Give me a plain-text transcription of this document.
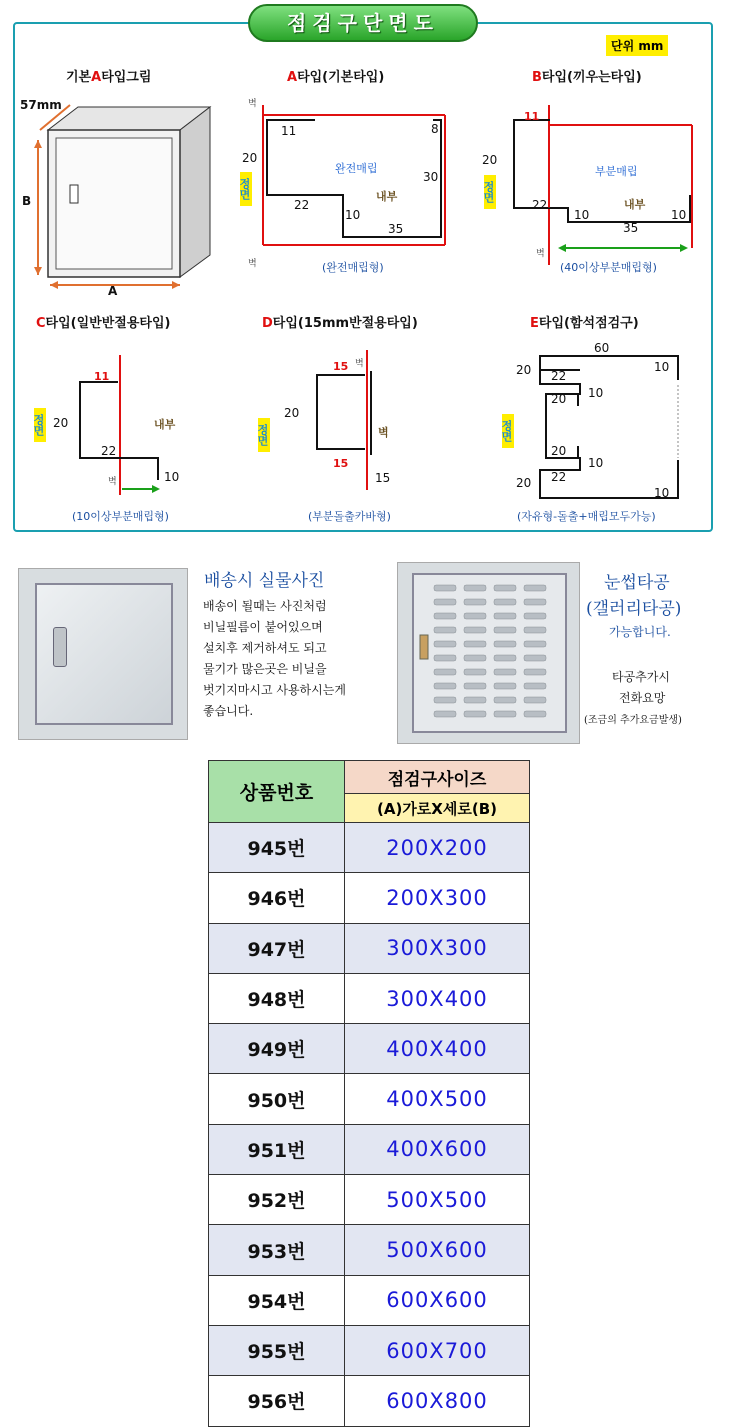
점검구단면도
단위 mm
기본A타입그림
57mm
B
A
A타입(기본타입)
벽
벽
정면
11	8
20
30
22
10
35
완전매립
내부
(완전매립형)
B타입(끼우는타입)
11
20
정면
22
10
35
10
부분매립
내부
벽
(40이상부분매립형)
C타입(일반반절용타입)
11
20
정면
22
10
내부
벽
(10이상부분매립형)
D타입(15mm반절용타입)
15 벽
20
정면	벽
15
15
(부분돌출카바형)
E타입(함석점검구)
60
20 22
10
20 10
정면
20
10
20 22
10
(자유형-돌출+매립모두가능)
배송시 실물사진
배송이 될때는 사진처럼
비닐필름이 붙어있으며
설치후 제거하셔도 되고
물기가 많은곳은 비닐을
벗기지마시고 사용하시는게
좋습니다.
눈썹타공
(갤러리타공)
가능합니다.
타공추가시
전화요망
(조금의 추가요금발생)
상품번호	점검구사이즈
	(A)가로X세로(B)
945번	200X200
946번	200X300
947번	300X300
948번	300X400
949번	400X400
950번	400X500
951번	400X600
952번	500X500
953번	500X600
954번	600X600
955번	600X700
956번	600X800
